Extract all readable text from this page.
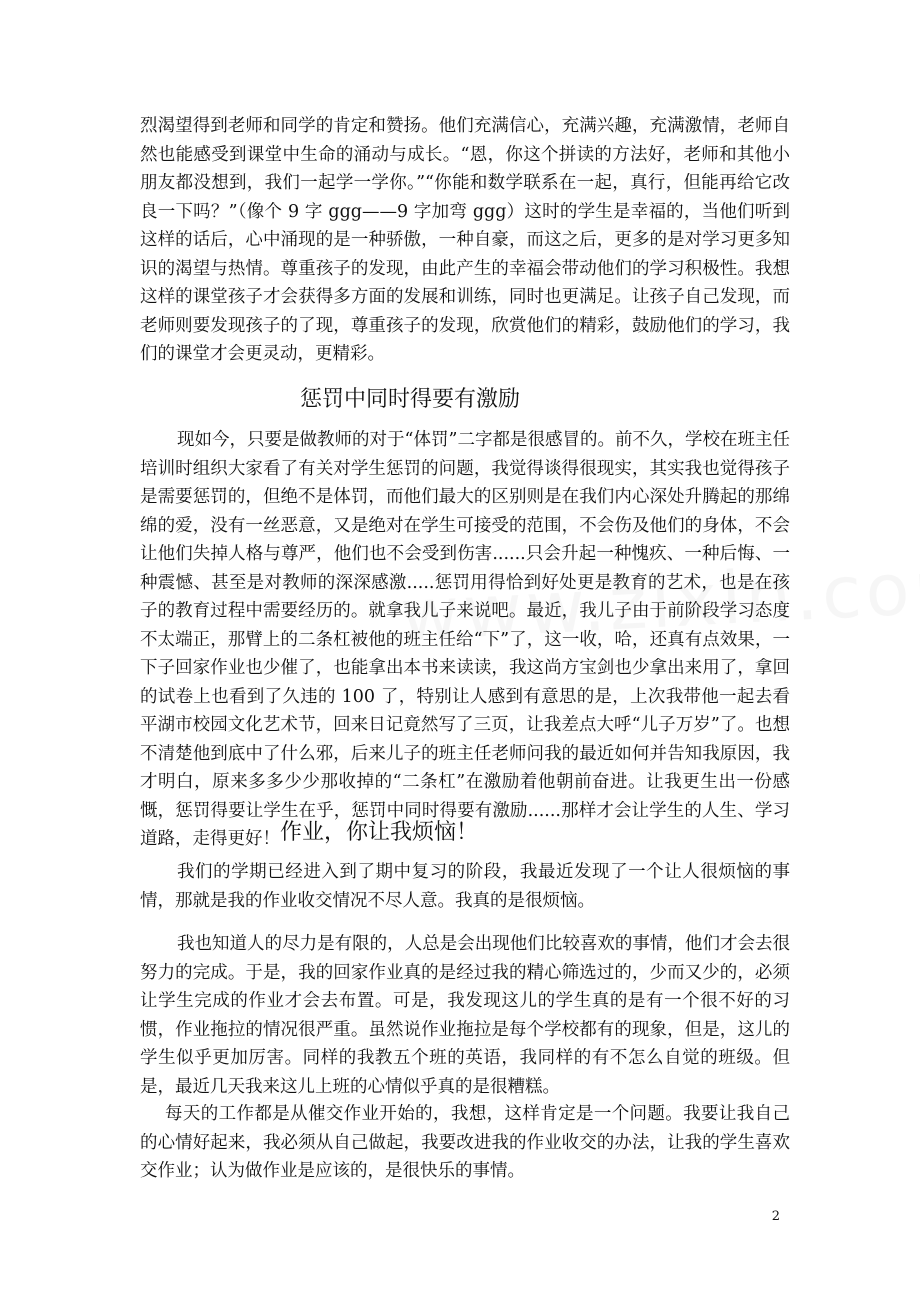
烈渴望得到老师和同学的肯定和赞扬。他们充满信心，充满兴趣，充满激情，老师自然也能感受到课堂中生命的涌动与成长。“恩，你这个拼读的方法好，老师和其他小朋友都没想到，我们一起学一学你。”“你能和数学联系在一起，真行，但能再给它改良一下吗？”（像个 9 字 ggg——9 字加弯 ggg）这时的学生是幸福的，当他们听到这样的话后，心中涌现的是一种骄傲，一种自豪，而这之后，更多的是对学习更多知识的渴望与热情。尊重孩子的发现，由此产生的幸福会带动他们的学习积极性。我想这样的课堂孩子才会获得多方面的发展和训练，同时也更满足。让孩子自己发现，而老师则要发现孩子的了现，尊重孩子的发现，欣赏他们的精彩，鼓励他们的学习，我们的课堂才会更灵动，更精彩。

惩罚中同时得要有激励

现如今，只要是做教师的对于“体罚”二字都是很感冒的。前不久，学校在班主任培训时组织大家看了有关对学生惩罚的问题，我觉得谈得很现实，其实我也觉得孩子是需要惩罚的，但绝不是体罚，而他们最大的区别则是在我们内心深处升腾起的那绵绵的爱，没有一丝恶意，又是绝对在学生可接受的范围，不会伤及他们的身体，不会让他们失掉人格与尊严，他们也不会受到伤害......只会升起一种愧疚、一种后悔、一种震憾、甚至是对教师的深深感激.....惩罚用得恰到好处更是教育的艺术，也是在孩子的教育过程中需要经历的。就拿我儿子来说吧。最近，我儿子由于前阶段学习态度不太端正，那臂上的二条杠被他的班主任给“下”了，这一收，哈，还真有点效果，一下子回家作业也少催了，也能拿出本书来读读，我这尚方宝剑也少拿出来用了，拿回的试卷上也看到了久违的 100 了，特别让人感到有意思的是，上次我带他一起去看平湖市校园文化艺术节，回来日记竟然写了三页，让我差点大呼“儿子万岁”了。也想不清楚他到底中了什么邪，后来儿子的班主任老师问我的最近如何并告知我原因，我才明白，原来多多少少那收掉的“二条杠”在激励着他朝前奋进。让我更生出一份感慨，惩罚得要让学生在乎，惩罚中同时得要有激励......那样才会让学生的人生、学习道路，走得更好！ 作业，你让我烦恼！

我们的学期已经进入到了期中复习的阶段，我最近发现了一个让人很烦恼的事情，那就是我的作业收交情况不尽人意。我真的是很烦恼。

我也知道人的尽力是有限的，人总是会出现他们比较喜欢的事情，他们才会去很努力的完成。于是，我的回家作业真的是经过我的精心筛选过的，少而又少的，必须让学生完成的作业才会去布置。可是，我发现这儿的学生真的是有一个很不好的习惯，作业拖拉的情况很严重。虽然说作业拖拉是每个学校都有的现象，但是，这儿的学生似乎更加厉害。同样的我教五个班的英语，我同样的有不怎么自觉的班级。但是，最近几天我来这儿上班的心情似乎真的是很糟糕。

每天的工作都是从催交作业开始的，我想，这样肯定是一个问题。我要让我自己的心情好起来，我必须从自己做起，我要改进我的作业收交的办法，让我的学生喜欢交作业；认为做作业是应该的，是很快乐的事情。

2
